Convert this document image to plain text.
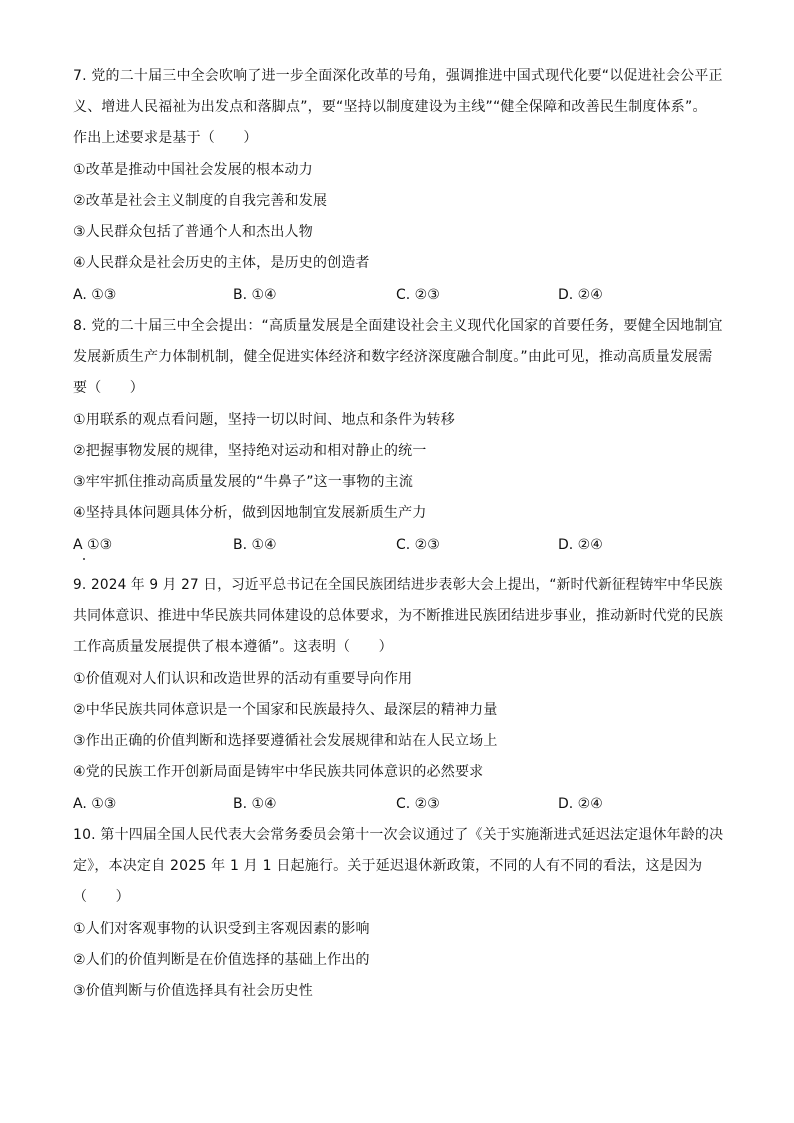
7. 党的二十届三中全会吹响了进一步全面深化改革的号角，强调推进中国式现代化要“以促进社会公平正
义、增进人民福祉为出发点和落脚点”，要“坚持以制度建设为主线”“健全保障和改善民生制度体系”。
作出上述要求是基于（　　）
①改革是推动中国社会发展的根本动力
②改革是社会主义制度的自我完善和发展
③人民群众包括了普通个人和杰出人物
④人民群众是社会历史的主体，是历史的创造者
A. ①③	B. ①④	C. ②③	D. ②④
8. 党的二十届三中全会提出：“高质量发展是全面建设社会主义现代化国家的首要任务，要健全因地制宜
发展新质生产力体制机制，健全促进实体经济和数字经济深度融合制度。”由此可见，推动高质量发展需
要（　　）
①用联系的观点看问题，坚持一切以时间、地点和条件为转移
②把握事物发展的规律，坚持绝对运动和相对静止的统一
③牢牢抓住推动高质量发展的“牛鼻子”这一事物的主流
④坚持具体问题具体分析，做到因地制宜发展新质生产力
A ①③	B. ①④	C. ②③	D. ②④
9. 2024 年 9 月 27 日，习近平总书记在全国民族团结进步表彰大会上提出，“新时代新征程铸牢中华民族
共同体意识、推进中华民族共同体建设的总体要求，为不断推进民族团结进步事业，推动新时代党的民族
工作高质量发展提供了根本遵循”。这表明（　　）
①价值观对人们认识和改造世界的活动有重要导向作用
②中华民族共同体意识是一个国家和民族最持久、最深层的精神力量
③作出正确的价值判断和选择要遵循社会发展规律和站在人民立场上
④党的民族工作开创新局面是铸牢中华民族共同体意识的必然要求
A. ①③	B. ①④	C. ②③	D. ②④
10. 第十四届全国人民代表大会常务委员会第十一次会议通过了《关于实施渐进式延迟法定退休年龄的决
定》，本决定自 2025 年 1 月 1 日起施行。关于延迟退休新政策，不同的人有不同的看法，这是因为
（　　）
①人们对客观事物的认识受到主客观因素的影响
②人们的价值判断是在价值选择的基础上作出的
③价值判断与价值选择具有社会历史性
